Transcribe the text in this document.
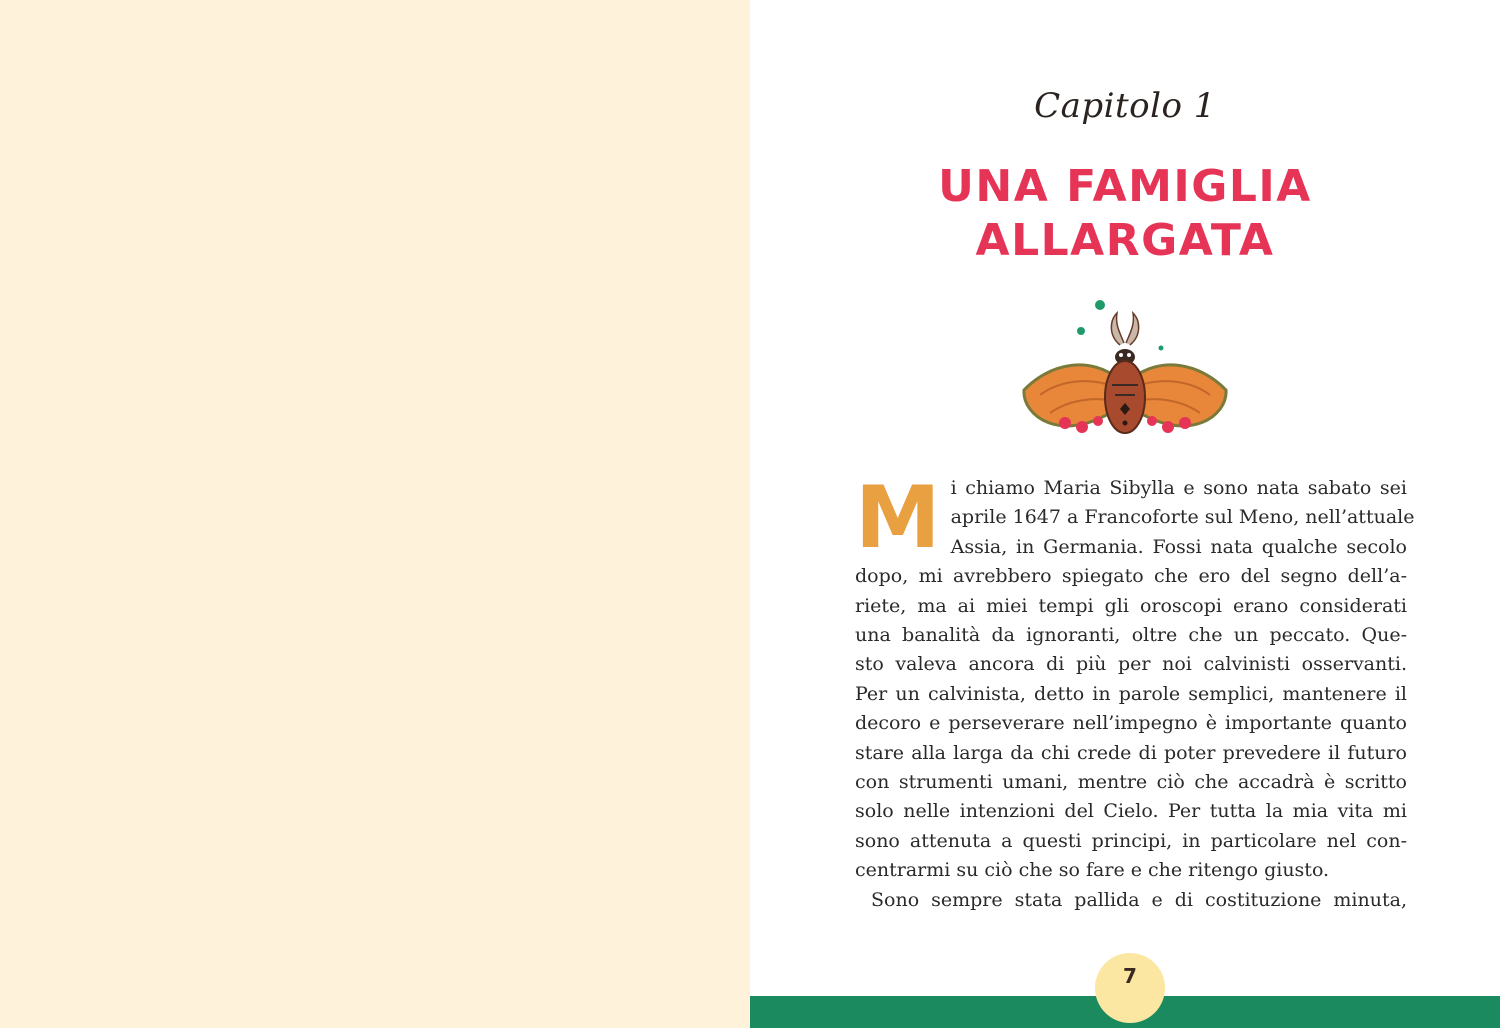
Capitolo 1
UNA FAMIGLIA
ALLARGATA

M i chiamo Maria Sibylla e sono nata sabato sei
aprile 1647 a Francoforte sul Meno, nell’attuale
Assia, in Germania. Fossi nata qualche secolo
dopo, mi avrebbero spiegato che ero del segno dell’a-
riete, ma ai miei tempi gli oroscopi erano considerati
una banalità da ignoranti, oltre che un peccato. Que-
sto valeva ancora di più per noi calvinisti osservanti.
Per un calvinista, detto in parole semplici, mantenere il
decoro e perseverare nell’impegno è importante quanto
stare alla larga da chi crede di poter prevedere il futuro
con strumenti umani, mentre ciò che accadrà è scritto
solo nelle intenzioni del Cielo. Per tutta la mia vita mi
sono attenuta a questi principi, in particolare nel con-
centrarmi su ciò che so fare e che ritengo giusto.

Sono sempre stata pallida e di costituzione minuta,

7
